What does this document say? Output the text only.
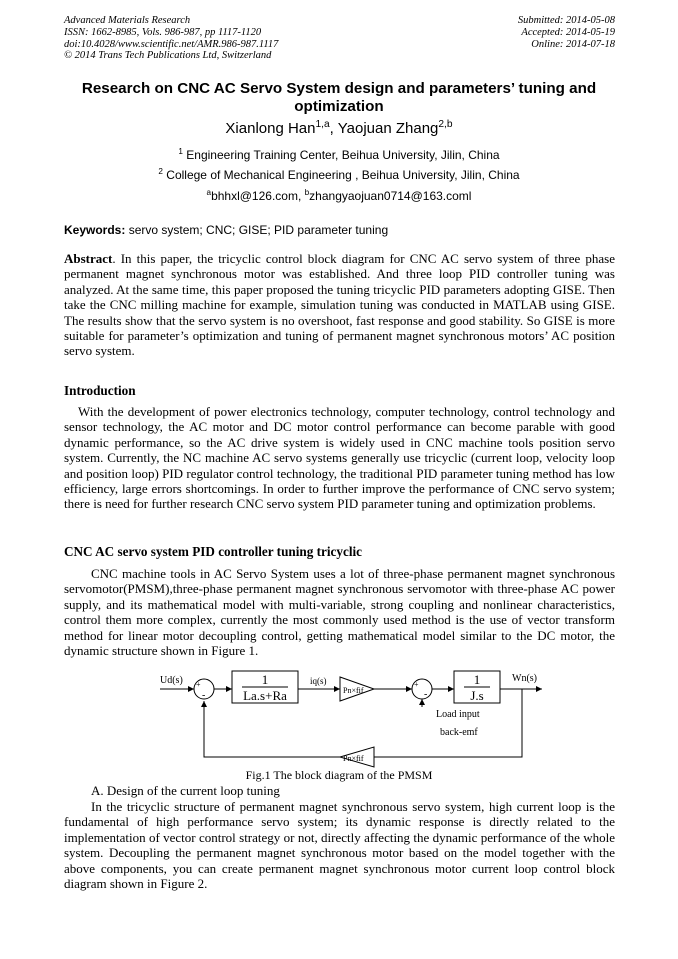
Advanced Materials Research
ISSN: 1662-8985, Vols. 986-987, pp 1117-1120
doi:10.4028/www.scientific.net/AMR.986-987.1117
© 2014 Trans Tech Publications Ltd, Switzerland
Submitted: 2014-05-08
Accepted: 2014-05-19
Online: 2014-07-18
Research on CNC AC Servo System design and parameters’ tuning and optimization
Xianlong Han$^{1,a}$, Yaojuan Zhang$^{2,b}$
$^1$ Engineering Training Center, Beihua University, Jilin, China
$^2$ College of Mechanical Engineering , Beihua University, Jilin, China
$^a$bhhxl@126.com, $^b$zhangyaojuan0714@163.coml
Keywords: servo system; CNC; GISE; PID parameter tuning

Abstract. In this paper, the tricyclic control block diagram for CNC AC servo system of three phase permanent magnet synchronous motor was established. And three loop PID controller tuning was analyzed. At the same time, this paper proposed the tuning tricyclic PID parameters adopting GISE. Then take the CNC milling machine for example, simulation tuning was conducted in MATLAB using GISE. The results show that the servo system is no overshoot, fast response and good stability. So GISE is more suitable for parameter’s optimization and tuning of permanent magnet synchronous motors’ AC position servo system.

Introduction

With the development of power electronics technology, computer technology, control technology and sensor technology, the AC motor and DC motor control performance can become parable with good dynamic performance, so the AC drive system is widely used in CNC machine tools position servo system. Currently, the NC machine AC servo systems generally use tricyclic (current loop, velocity loop and position loop) PID regulator control technology, the traditional PID parameter tuning method has low efficiency, large errors shortcomings. In order to further improve the performance of CNC servo system; there is need for further research CNC servo system PID parameter tuning and optimization problems.

CNC AC servo system PID controller tuning tricyclic

CNC machine tools in AC Servo System uses a lot of three-phase permanent magnet synchronous servomotor(PMSM),three-phase permanent magnet synchronous servomotor with three-phase AC power supply, and its mathematical model with multi-variable, strong coupling and nonlinear characteristics, control them more complex, currently the most commonly used method is the use of vector transform method for linear motor decoupling control, getting mathematical model similar to the DC motor, the dynamic structure shown in Figure 1.

Ud(s) +
-
1
La.s+Ra
iq(s)
Pn×fif
+
-
1
J.s
Wn(s)
Load input
back-emf
Pn×fif
Fig.1 The block diagram of the PMSM
A. Design of the current loop tuning

In the tricyclic structure of permanent magnet synchronous servo system, high current loop is the fundamental of high performance servo system; its dynamic response is directly related to the implementation of vector control strategy or not, directly affecting the dynamic performance of the whole system. Decoupling the permanent magnet synchronous motor based on the model together with the above components, you can create permanent magnet synchronous motor current loop control block diagram shown in Figure 2.
